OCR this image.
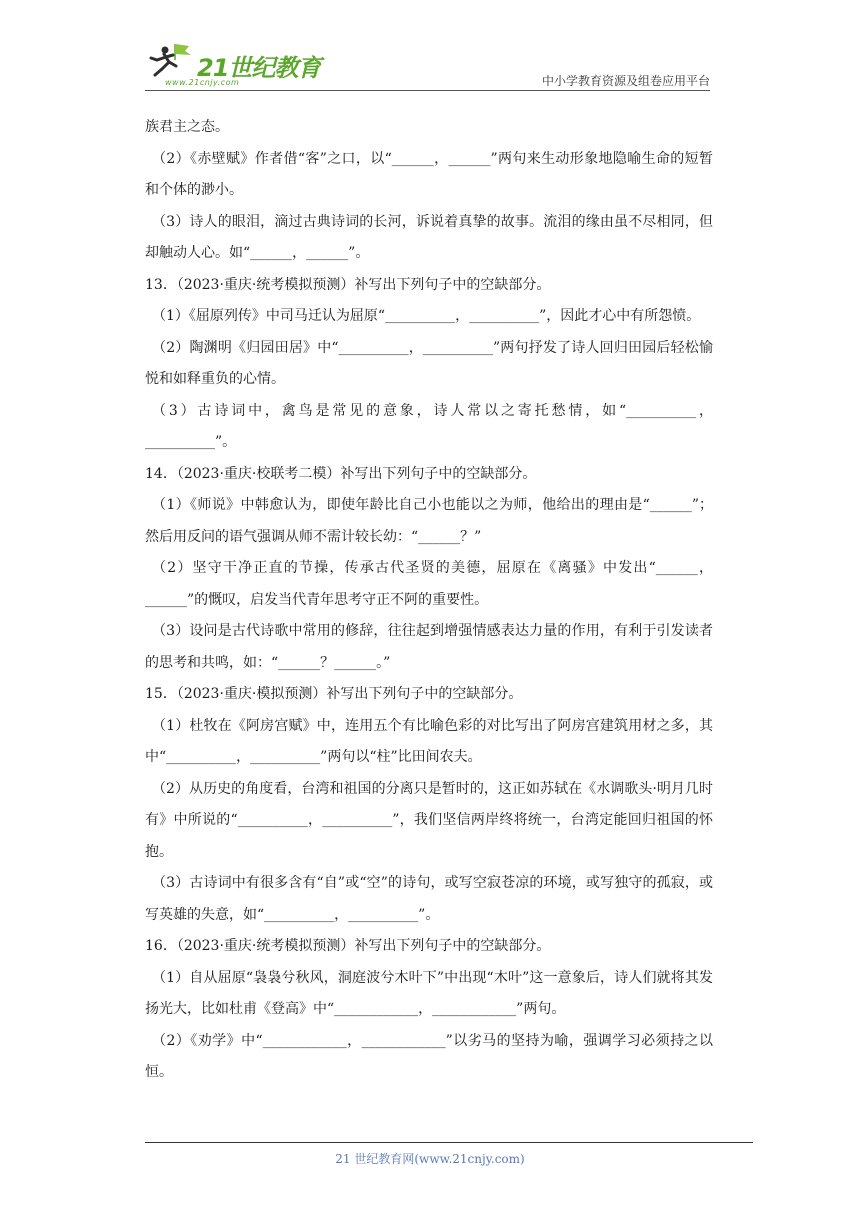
21世纪教育
www.21cnjy.com	中小学教育资源及组卷应用平台

族君主之态。

（2）《赤壁赋》作者借“客”之口，以“______，______”两句来生动形象地隐喻生命的短暂和个体的渺小。

（3）诗人的眼泪，滴过古典诗词的长河，诉说着真挚的故事。流泪的缘由虽不尽相同，但却触动人心。如“______，______”。

13．（2023·重庆·统考模拟预测）补写出下列句子中的空缺部分。

（1）《屈原列传》中司马迁认为屈原“__________，__________”，因此才心中有所怨愤。

（2）陶渊明《归园田居》中“__________，__________”两句抒发了诗人回归田园后轻松愉悦和如释重负的心情。

（3）古诗词中，禽鸟是常见的意象，诗人常以之寄托愁情，如“__________，__________”。

14．（2023·重庆·校联考二模）补写出下列句子中的空缺部分。

（1）《师说》中韩愈认为，即使年龄比自己小也能以之为师，他给出的理由是“______”；然后用反问的语气强调从师不需计较长幼：“______？”

（2）坚守干净正直的节操，传承古代圣贤的美德，屈原在《离骚》中发出“______，______”的慨叹，启发当代青年思考守正不阿的重要性。

（3）设问是古代诗歌中常用的修辞，往往起到增强情感表达力量的作用，有利于引发读者的思考和共鸣，如：“______？______。”

15．（2023·重庆·模拟预测）补写出下列句子中的空缺部分。

（1）杜牧在《阿房宫赋》中，连用五个有比喻色彩的对比写出了阿房宫建筑用材之多，其中“__________，__________”两句以“柱”比田间农夫。

（2）从历史的角度看，台湾和祖国的分离只是暂时的，这正如苏轼在《水调歌头·明月几时有》中所说的“__________，__________”，我们坚信两岸终将统一，台湾定能回归祖国的怀抱。

（3）古诗词中有很多含有“自”或“空”的诗句，或写空寂苍凉的环境，或写独守的孤寂，或写英雄的失意，如“__________，__________”。

16．（2023·重庆·统考模拟预测）补写出下列句子中的空缺部分。

（1）自从屈原“袅袅兮秋风，洞庭波兮木叶下”中出现“木叶”这一意象后，诗人们就将其发扬光大，比如杜甫《登高》中“____________，____________”两句。

（2）《劝学》中“____________，____________”以劣马的坚持为喻，强调学习必须持之以恒。

21 世纪教育网(www.21cnjy.com)
